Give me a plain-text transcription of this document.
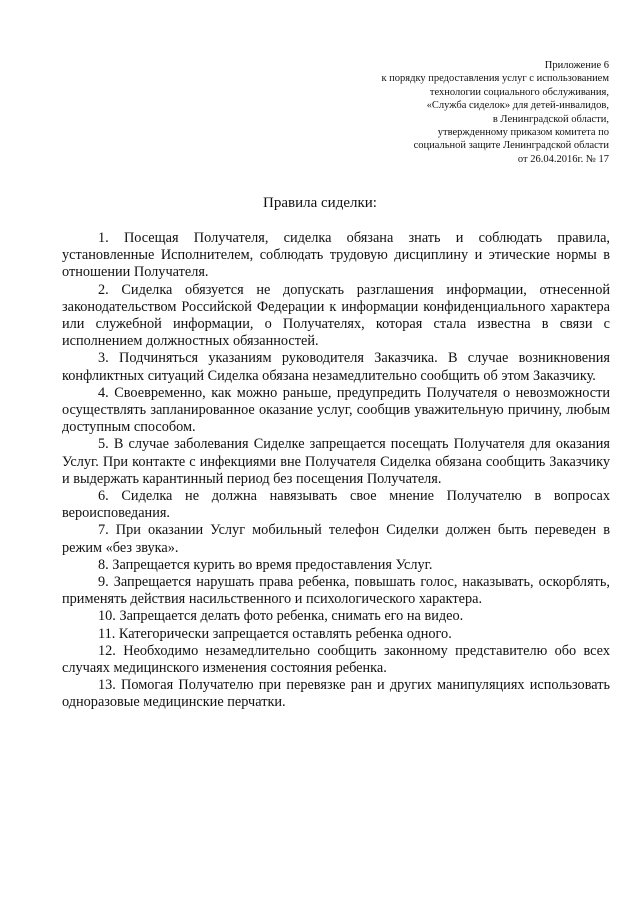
Приложение 6
к порядку предоставления услуг с использованием
технологии социального обслуживания,
«Служба сиделок» для детей-инвалидов,
в Ленинградской области,
утвержденному приказом комитета по
социальной защите Ленинградской области
от 26.04.2016г. № 17
Правила сиделки:

1. Посещая Получателя, сиделка обязана знать и соблюдать правила, установленные Исполнителем, соблюдать трудовую дисциплину и этические нормы в отношении Получателя.

2. Сиделка обязуется не допускать разглашения информации, отнесенной законодательством Российской Федерации к информации конфиденциального характера или служебной информации, о Получателях, которая стала известна в связи с исполнением должностных обязанностей.

3. Подчиняться указаниям руководителя Заказчика. В случае возникновения конфликтных ситуаций Сиделка обязана незамедлительно сообщить об этом Заказчику.

4. Своевременно, как можно раньше, предупредить Получателя о невозможности осуществлять запланированное оказание услуг, сообщив уважительную причину, любым доступным способом.

5. В случае заболевания Сиделке запрещается посещать Получателя для оказания Услуг. При контакте с инфекциями вне Получателя Сиделка обязана сообщить Заказчику и выдержать карантинный период без посещения Получателя.

6. Сиделка не должна навязывать свое мнение Получателю в вопросах вероисповедания.

7. При оказании Услуг мобильный телефон Сиделки должен быть переведен в режим «без звука».

8. Запрещается курить во время предоставления Услуг.

9. Запрещается нарушать права ребенка, повышать голос, наказывать, оскорблять, применять действия насильственного и психологического характера.

10. Запрещается делать фото ребенка, снимать его на видео.

11. Категорически запрещается оставлять ребенка одного.

12. Необходимо незамедлительно сообщить законному представителю обо всех случаях медицинского изменения состояния ребенка.

13. Помогая Получателю при перевязке ран и других манипуляциях использовать одноразовые медицинские перчатки.
